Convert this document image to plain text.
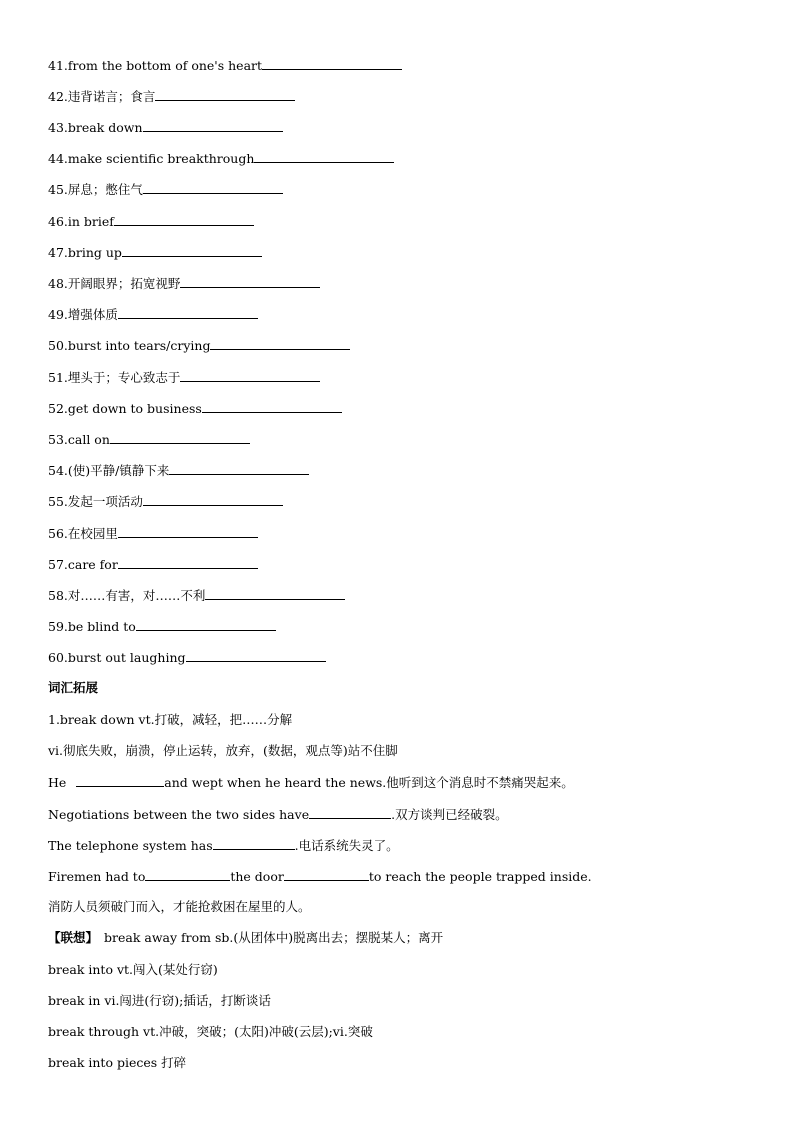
41.from the bottom of one's heart
42.违背诺言；食言
43.break down
44.make scientific breakthrough
45.屏息；憋住气
46.in brief
47.bring up
48.开阔眼界；拓宽视野
49.增强体质
50.burst into tears/crying
51.埋头于；专心致志于
52.get down to business
53.call on
54.(使)平静/镇静下来
55.发起一项活动
56.在校园里
57.care for
58.对……有害，对……不利
59.be blind to
60.burst out laughing
词汇拓展
1.break down vt.打破，减轻，把……分解
vi.彻底失败，崩溃，停止运转，放弃，(数据，观点等)站不住脚
He	and wept when he heard the news.他听到这个消息时不禁痛哭起来。
Negotiations between the two sides have	.双方谈判已经破裂。
The telephone system has	.电话系统失灵了。
Firemen had to	the door	to reach the people trapped inside.
消防人员须破门而入，才能抢救困在屋里的人。
【联想】 break away from sb.(从团体中)脱离出去；摆脱某人；离开
break into vt.闯入(某处行窃)
break in vi.闯进(行窃);插话，打断谈话
break through vt.冲破，突破；(太阳)冲破(云层);vi.突破
break into pieces 打碎
